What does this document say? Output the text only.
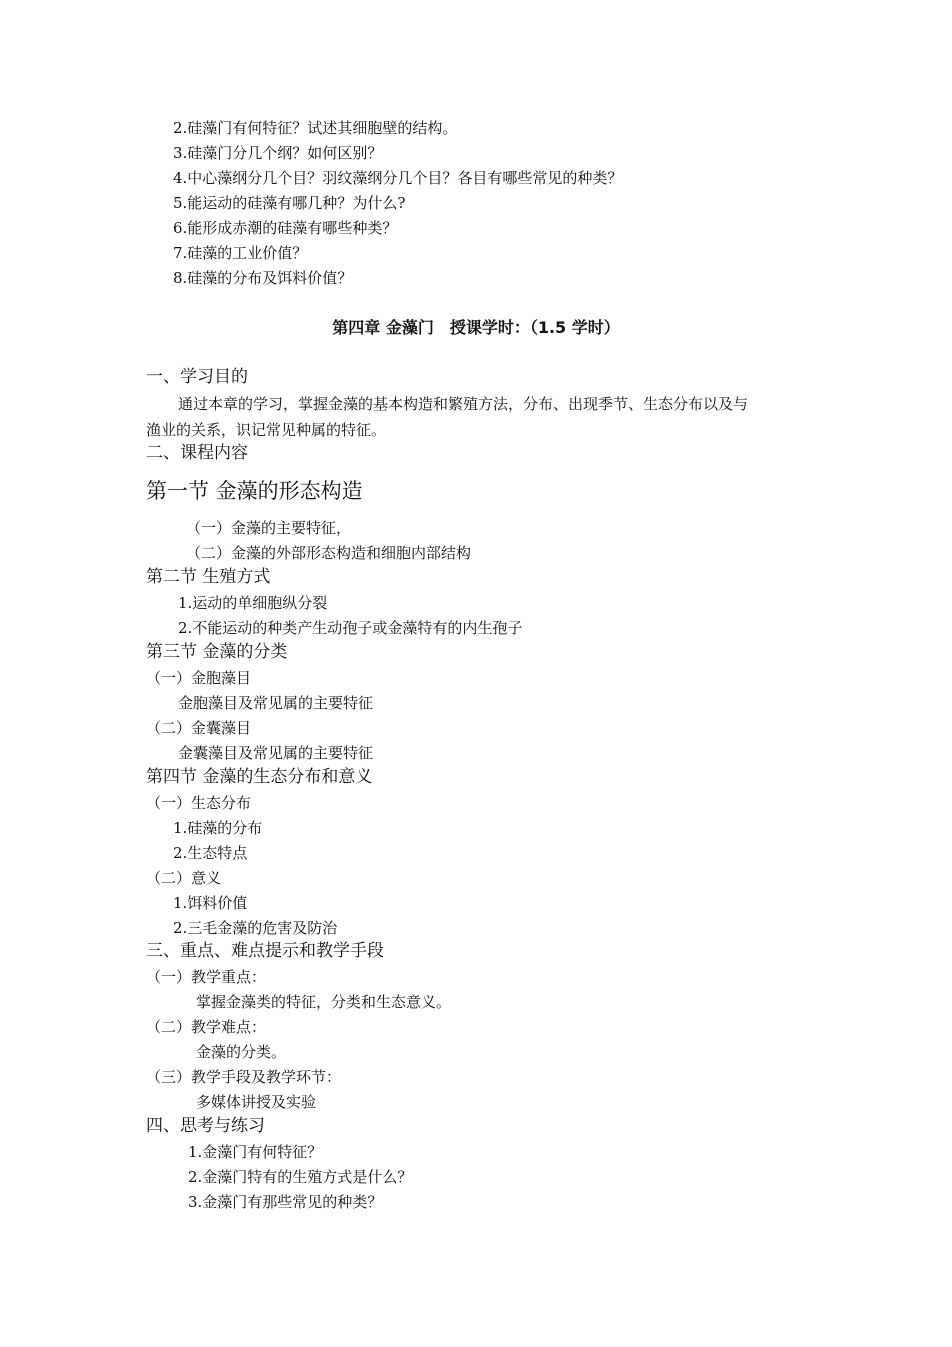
2.硅藻门有何特征？试述其细胞壁的结构。
3.硅藻门分几个纲？如何区别？
4.中心藻纲分几个目？羽纹藻纲分几个目？各目有哪些常见的种类？
5.能运动的硅藻有哪几种？为什么?
6.能形成赤潮的硅藻有哪些种类？
7.硅藻的工业价值？
8.硅藻的分布及饵料价值？
第四章 金藻门　授课学时：（1.5 学时）
一、学习目的
通过本章的学习，掌握金藻的基本构造和繁殖方法，分布、出现季节、生态分布以及与
渔业的关系，识记常见种属的特征。
二、课程内容
第一节 金藻的形态构造
（一）金藻的主要特征，
（二）金藻的外部形态构造和细胞内部结构
第二节 生殖方式
1.运动的单细胞纵分裂
2.不能运动的种类产生动孢子或金藻特有的内生孢子
第三节 金藻的分类
（一）金胞藻目
金胞藻目及常见属的主要特征
（二）金囊藻目
金囊藻目及常见属的主要特征
第四节 金藻的生态分布和意义
（一）生态分布
1.硅藻的分布
2.生态特点
（二）意义
1.饵料价值
2.三毛金藻的危害及防治
三、重点、难点提示和教学手段
（一）教学重点：
掌握金藻类的特征，分类和生态意义。
（二）教学难点：
金藻的分类。
（三）教学手段及教学环节：
多媒体讲授及实验
四、思考与练习
1.金藻门有何特征？
2.金藻门特有的生殖方式是什么？
3.金藻门有那些常见的种类？
